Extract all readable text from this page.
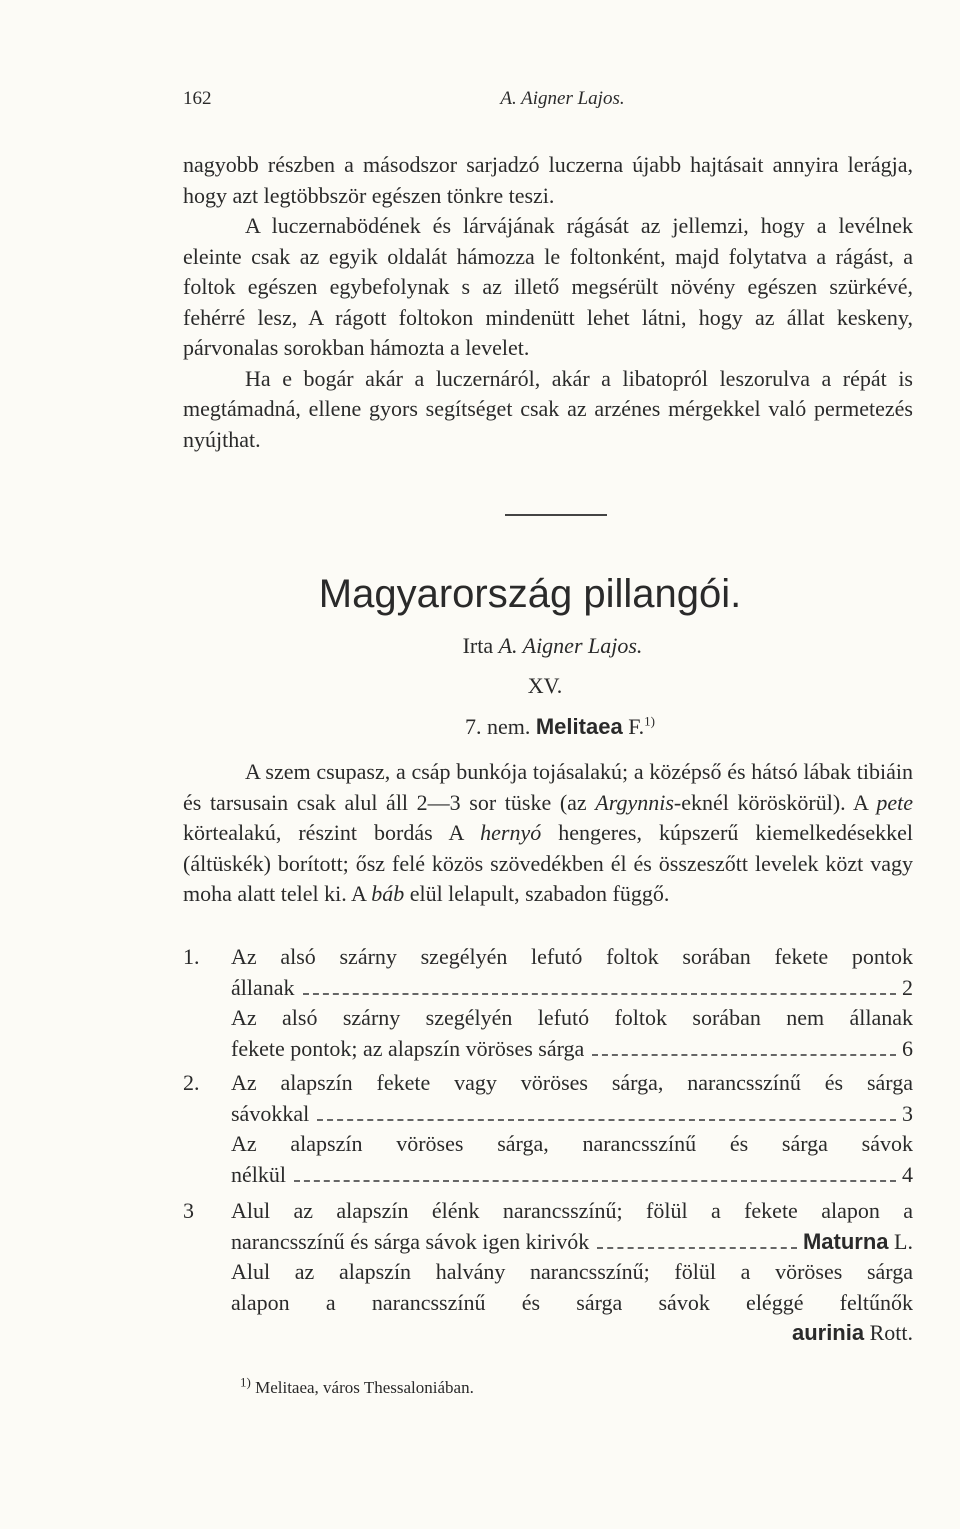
162	A. Aigner Lajos.
nagyobb részben a másodszor sarjadzó luczerna újabb hajtásait annyira lerágja, hogy azt legtöbbször egészen tönkre teszi.
A luczernabödének és lárvájának rágását az jellemzi, hogy a levélnek eleinte csak az egyik oldalát hámozza le foltonként, majd folytatva a rágást, a foltok egészen egybefolynak s az illető megsérült növény egészen szürkévé, fehérré lesz, A rágott foltokon mindenütt lehet látni, hogy az állat keskeny, párvonalas sorokban hámozta a levelet.
Ha e bogár akár a luczernáról, akár a libatopról leszorulva a répát is megtámadná, ellene gyors segítséget csak az arzénes mérgekkel való permetezés nyújthat.
Magyarország pillangói.
Irta A. Aigner Lajos.
XV.
7. nem. Melitaea F.$^{1)}$
A szem csupasz, a csáp bunkója tojásalakú; a középső és hátsó lábak tibiáin és tarsusain csak alul áll 2—3 sor tüske (az Argynnis-eknél köröskörül). A pete körtealakú, részint bordás A hernyó hengeres, kúpszerű kiemelkedésekkel (áltüskék) borított; ősz felé közös szövedékben él és összeszőtt levelek közt vagy moha alatt telel ki. A báb elül lelapult, szabadon függő.
1.	Az alsó szárny szegélyén lefutó foltok sorában fekete pontok
állanak	2
Az alsó szárny szegélyén lefutó foltok sorában nem állanak
fekete pontok; az alapszín vöröses sárga	6
2.	Az alapszín fekete vagy vöröses sárga, narancsszínű és sárga
sávokkal	3
Az alapszín vöröses sárga, narancsszínű és sárga sávok
nélkül	4
3	Alul az alapszín élénk narancsszínű; fölül a fekete alapon a
narancsszínű és sárga sávok igen kirivók	Maturna L.
Alul az alapszín halvány narancsszínű; fölül a vöröses sárga
alapon a narancsszínű és sárga sávok eléggé feltűnők
aurinia Rott.
$^{1)}$ Melitaea, város Thessaloniában.
